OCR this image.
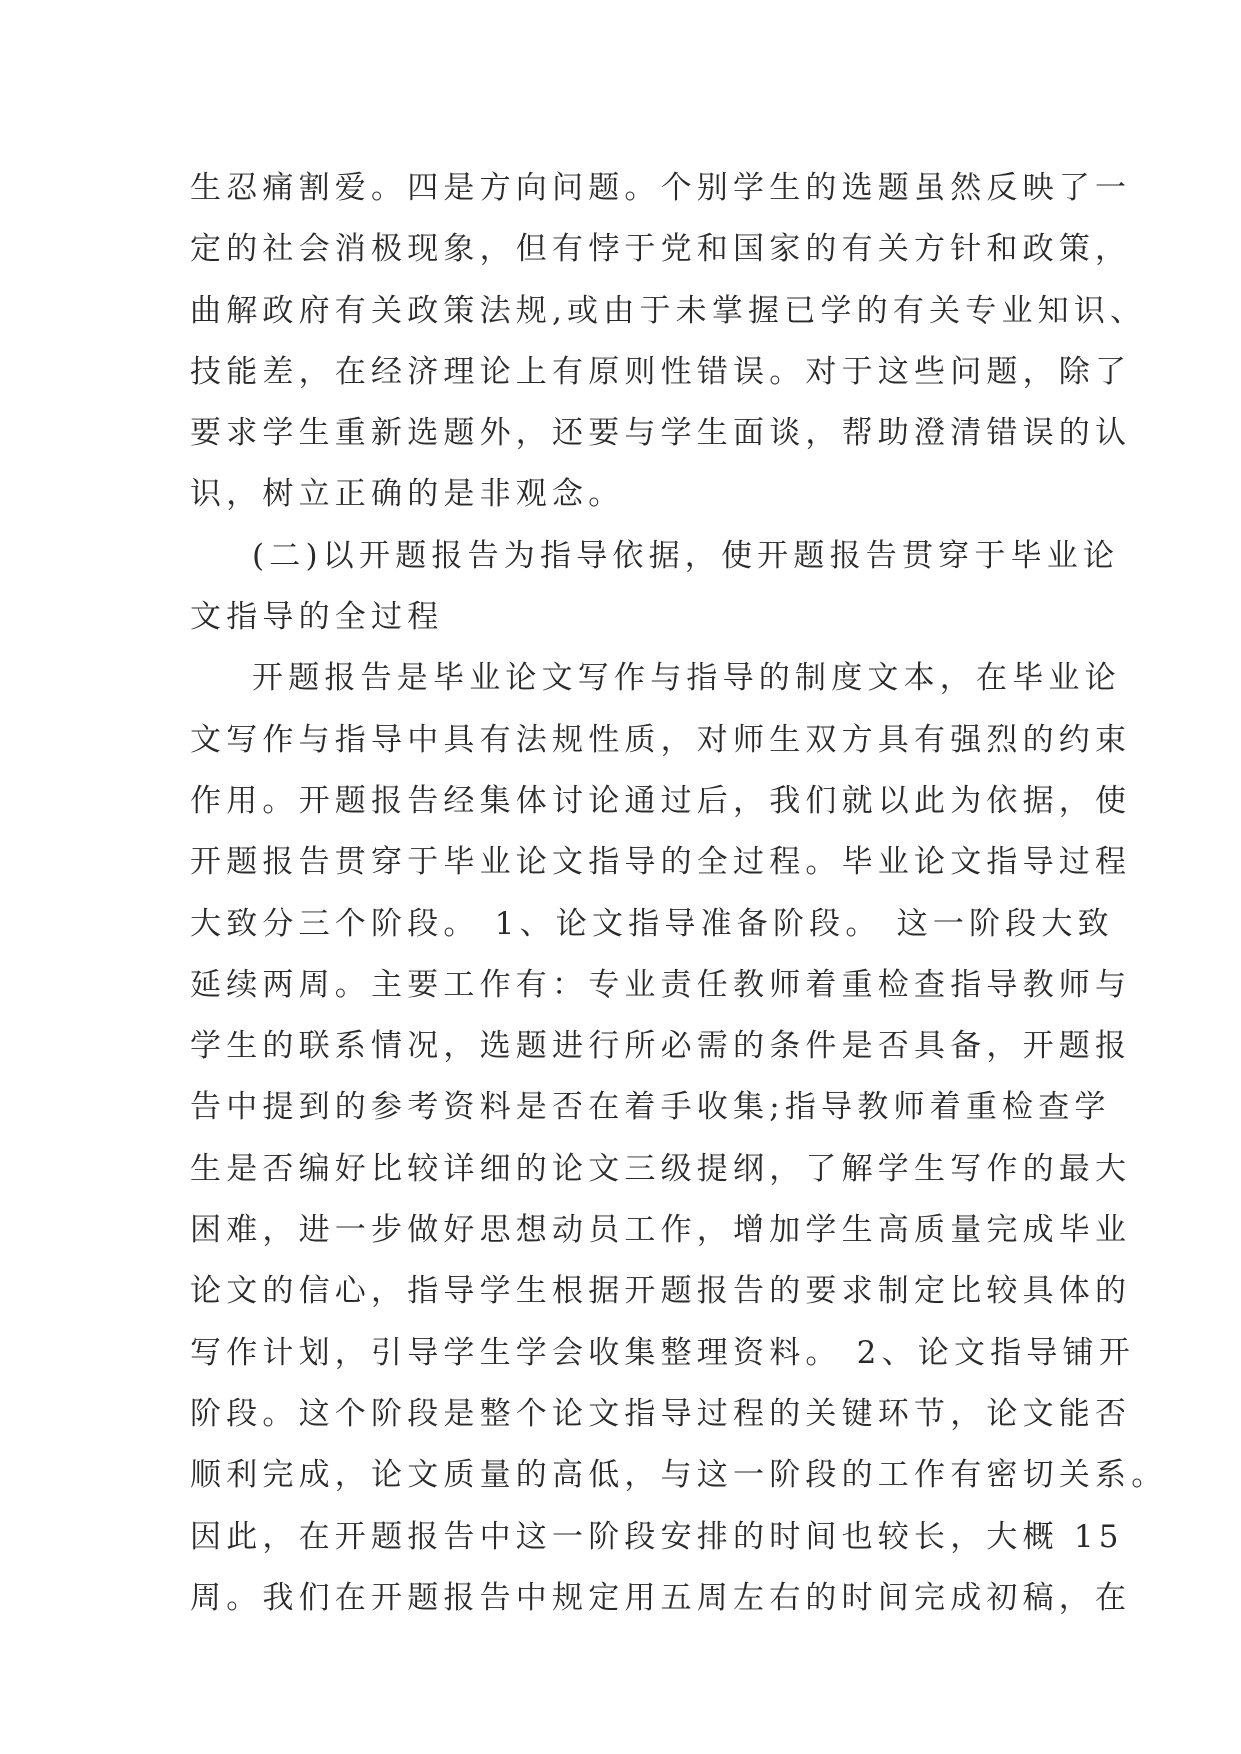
生忍痛割爱。四是方向问题。个别学生的选题虽然反映了一
定的社会消极现象，但有悖于党和国家的有关方针和政策，
曲解政府有关政策法规,或由于未掌握已学的有关专业知识、
技能差，在经济理论上有原则性错误。对于这些问题，除了
要求学生重新选题外，还要与学生面谈，帮助澄清错误的认
识，树立正确的是非观念。
(二)以开题报告为指导依据，使开题报告贯穿于毕业论
文指导的全过程
开题报告是毕业论文写作与指导的制度文本，在毕业论
文写作与指导中具有法规性质，对师生双方具有强烈的约束
作用。开题报告经集体讨论通过后，我们就以此为依据，使
开题报告贯穿于毕业论文指导的全过程。毕业论文指导过程
大致分三个阶段。 1、论文指导准备阶段。 这一阶段大致
延续两周。主要工作有：专业责任教师着重检查指导教师与
学生的联系情况，选题进行所必需的条件是否具备，开题报
告中提到的参考资料是否在着手收集;指导教师着重检查学
生是否编好比较详细的论文三级提纲，了解学生写作的最大
困难，进一步做好思想动员工作，增加学生高质量完成毕业
论文的信心，指导学生根据开题报告的要求制定比较具体的
写作计划，引导学生学会收集整理资料。 2、论文指导铺开
阶段。这个阶段是整个论文指导过程的关键环节，论文能否
顺利完成，论文质量的高低，与这一阶段的工作有密切关系。
因此，在开题报告中这一阶段安排的时间也较长，大概 15
周。我们在开题报告中规定用五周左右的时间完成初稿，在
